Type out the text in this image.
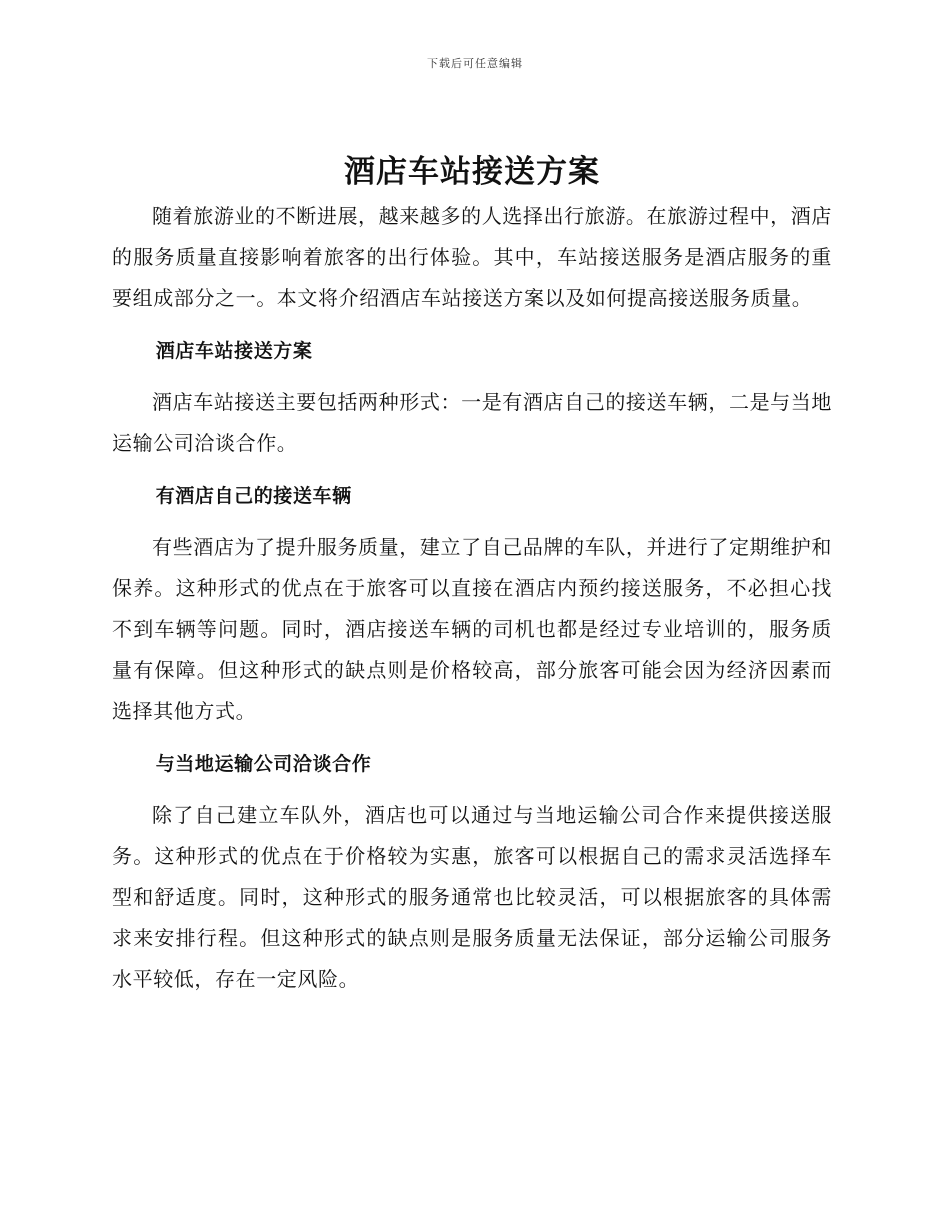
下载后可任意编辑
酒店车站接送方案

随着旅游业的不断进展，越来越多的人选择出行旅游。在旅游过程中，酒店的服务质量直接影响着旅客的出行体验。其中，车站接送服务是酒店服务的重要组成部分之一。本文将介绍酒店车站接送方案以及如何提高接送服务质量。

酒店车站接送方案

酒店车站接送主要包括两种形式：一是有酒店自己的接送车辆，二是与当地运输公司洽谈合作。

有酒店自己的接送车辆

有些酒店为了提升服务质量，建立了自己品牌的车队，并进行了定期维护和保养。这种形式的优点在于旅客可以直接在酒店内预约接送服务，不必担心找不到车辆等问题。同时，酒店接送车辆的司机也都是经过专业培训的，服务质量有保障。但这种形式的缺点则是价格较高，部分旅客可能会因为经济因素而选择其他方式。

与当地运输公司洽谈合作

除了自己建立车队外，酒店也可以通过与当地运输公司合作来提供接送服务。这种形式的优点在于价格较为实惠，旅客可以根据自己的需求灵活选择车型和舒适度。同时，这种形式的服务通常也比较灵活，可以根据旅客的具体需求来安排行程。但这种形式的缺点则是服务质量无法保证，部分运输公司服务水平较低，存在一定风险。
